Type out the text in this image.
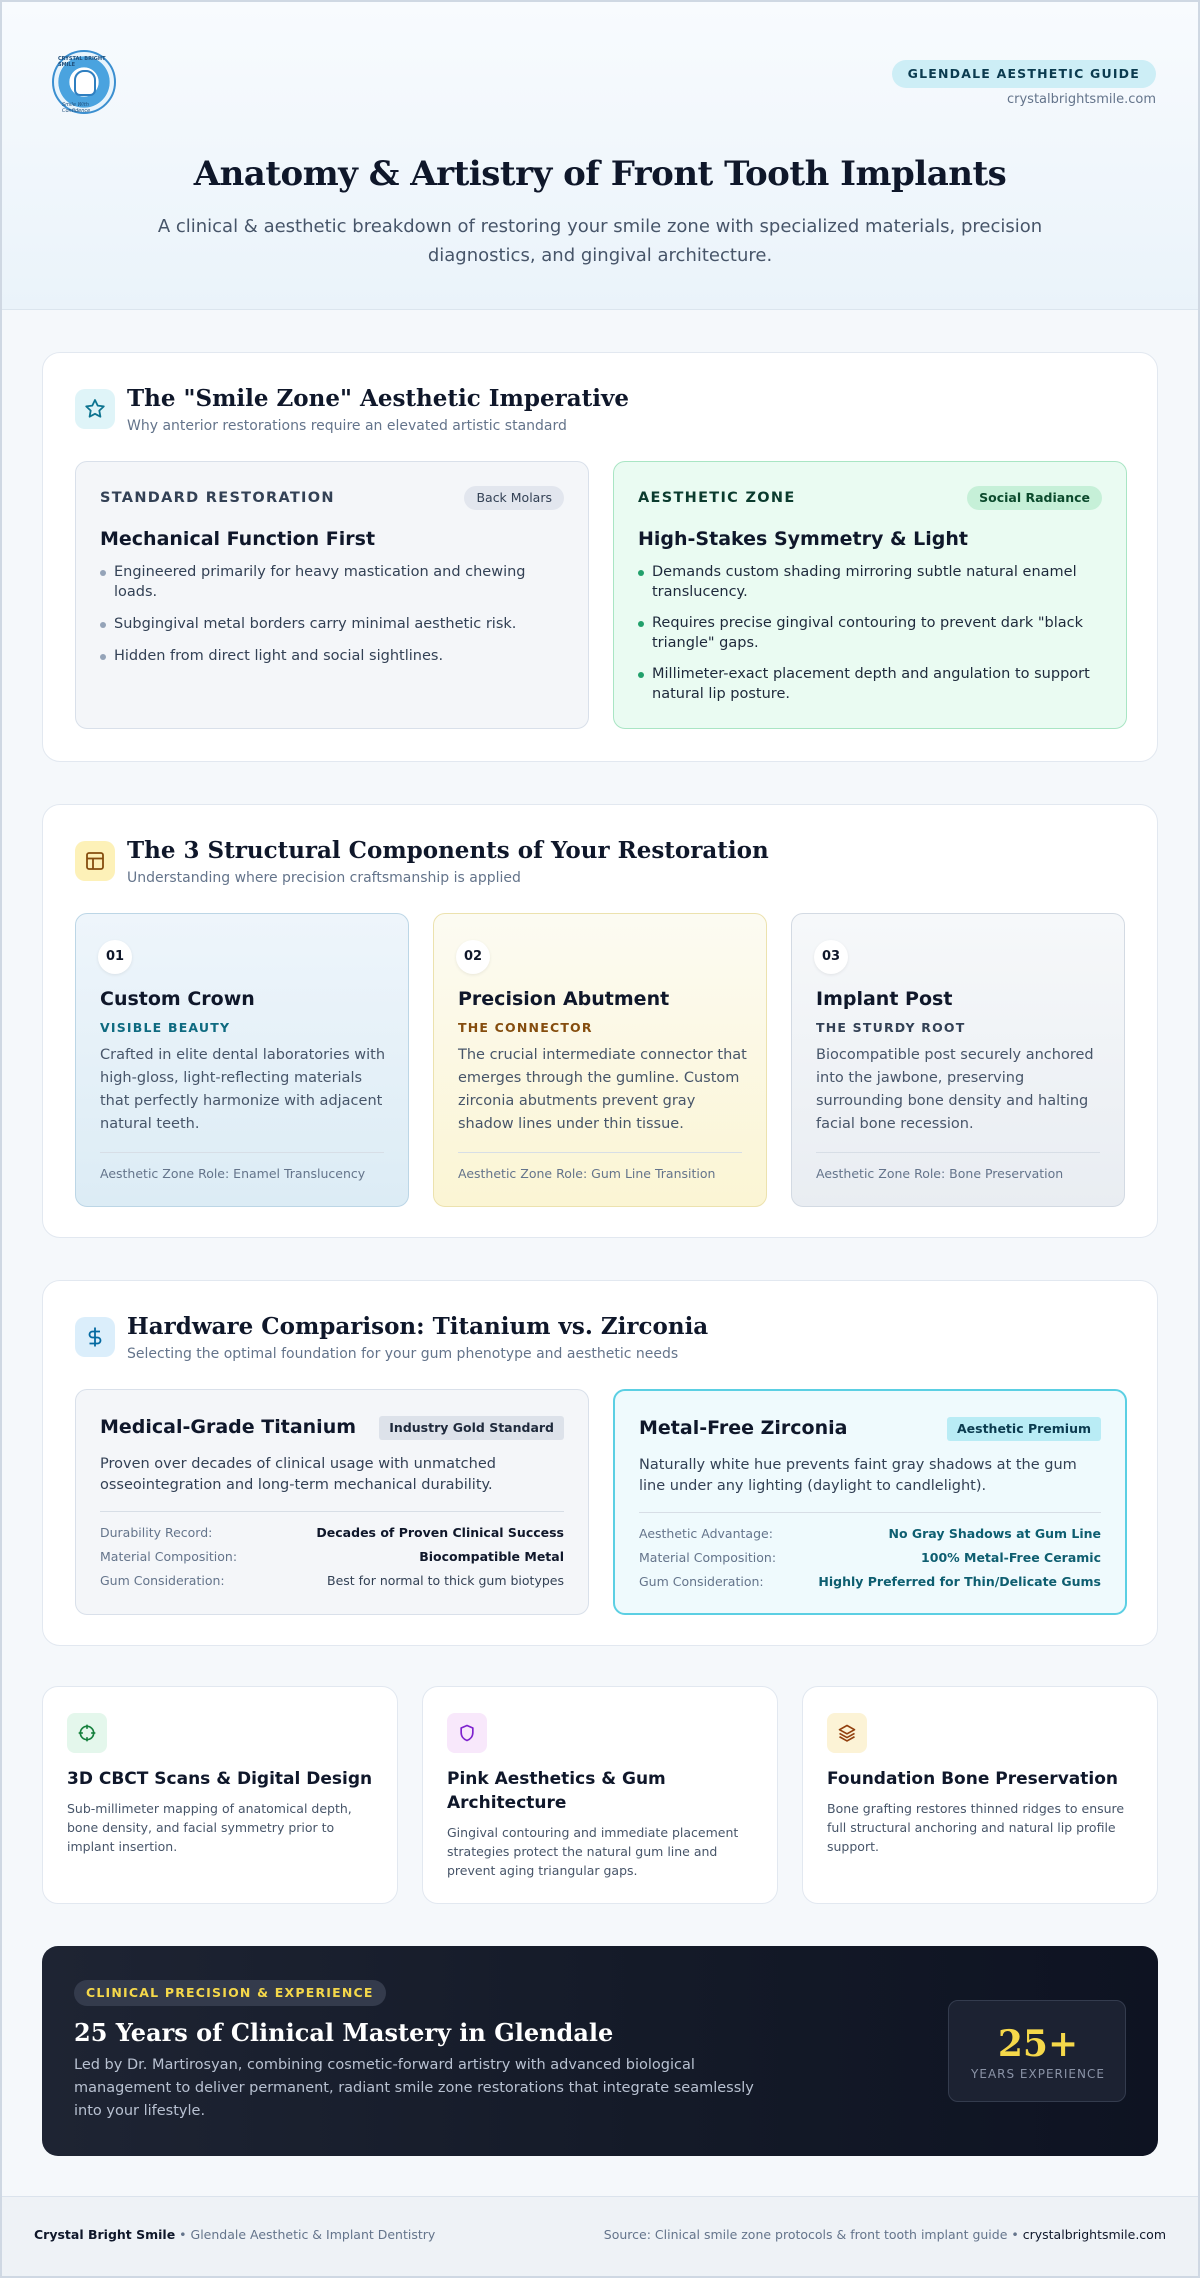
CRYSTAL BRIGHT SMILE
Smile With Confidence
GLENDALE AESTHETIC GUIDE
crystalbrightsmile.com
Anatomy & Artistry of Front Tooth Implants
A clinical & aesthetic breakdown of restoring your smile zone with specialized materials, precision diagnostics, and gingival architecture.
The "Smile Zone" Aesthetic Imperative
Why anterior restorations require an elevated artistic standard
STANDARD RESTORATION	Back Molars
Mechanical Function First
Engineered primarily for heavy mastication and chewing loads.
Subgingival metal borders carry minimal aesthetic risk.
Hidden from direct light and social sightlines.
AESTHETIC ZONE	Social Radiance
High-Stakes Symmetry & Light
Demands custom shading mirroring subtle natural enamel translucency.
Requires precise gingival contouring to prevent dark "black triangle" gaps.
Millimeter-exact placement depth and angulation to support natural lip posture.
The 3 Structural Components of Your Restoration
Understanding where precision craftsmanship is applied
01
Custom Crown
VISIBLE BEAUTY
Crafted in elite dental laboratories with high-gloss, light-reflecting materials that perfectly harmonize with adjacent natural teeth.
Aesthetic Zone Role: Enamel Translucency
02
Precision Abutment
THE CONNECTOR
The crucial intermediate connector that emerges through the gumline. Custom zirconia abutments prevent gray shadow lines under thin tissue.
Aesthetic Zone Role: Gum Line Transition
03
Implant Post
THE STURDY ROOT
Biocompatible post securely anchored into the jawbone, preserving surrounding bone density and halting facial bone recession.
Aesthetic Zone Role: Bone Preservation
Hardware Comparison: Titanium vs. Zirconia
Selecting the optimal foundation for your gum phenotype and aesthetic needs
Medical-Grade Titanium	Industry Gold Standard
Proven over decades of clinical usage with unmatched osseointegration and long-term mechanical durability.
Durability Record:	Decades of Proven Clinical Success
Material Composition:	Biocompatible Metal
Gum Consideration:	Best for normal to thick gum biotypes
Metal-Free Zirconia	Aesthetic Premium
Naturally white hue prevents faint gray shadows at the gum line under any lighting (daylight to candlelight).
Aesthetic Advantage:	No Gray Shadows at Gum Line
Material Composition:	100% Metal-Free Ceramic
Gum Consideration:	Highly Preferred for Thin/Delicate Gums
3D CBCT Scans & Digital Design
Sub-millimeter mapping of anatomical depth, bone density, and facial symmetry prior to implant insertion.
Pink Aesthetics & Gum Architecture
Gingival contouring and immediate placement strategies protect the natural gum line and prevent aging triangular gaps.
Foundation Bone Preservation
Bone grafting restores thinned ridges to ensure full structural anchoring and natural lip profile support.
CLINICAL PRECISION & EXPERIENCE
25 Years of Clinical Mastery in Glendale
Led by Dr. Martirosyan, combining cosmetic-forward artistry with advanced biological management to deliver permanent, radiant smile zone restorations that integrate seamlessly into your lifestyle.
25+
YEARS EXPERIENCE
Crystal Bright Smile • Glendale Aesthetic & Implant Dentistry	Source: Clinical smile zone protocols & front tooth implant guide • crystalbrightsmile.com
